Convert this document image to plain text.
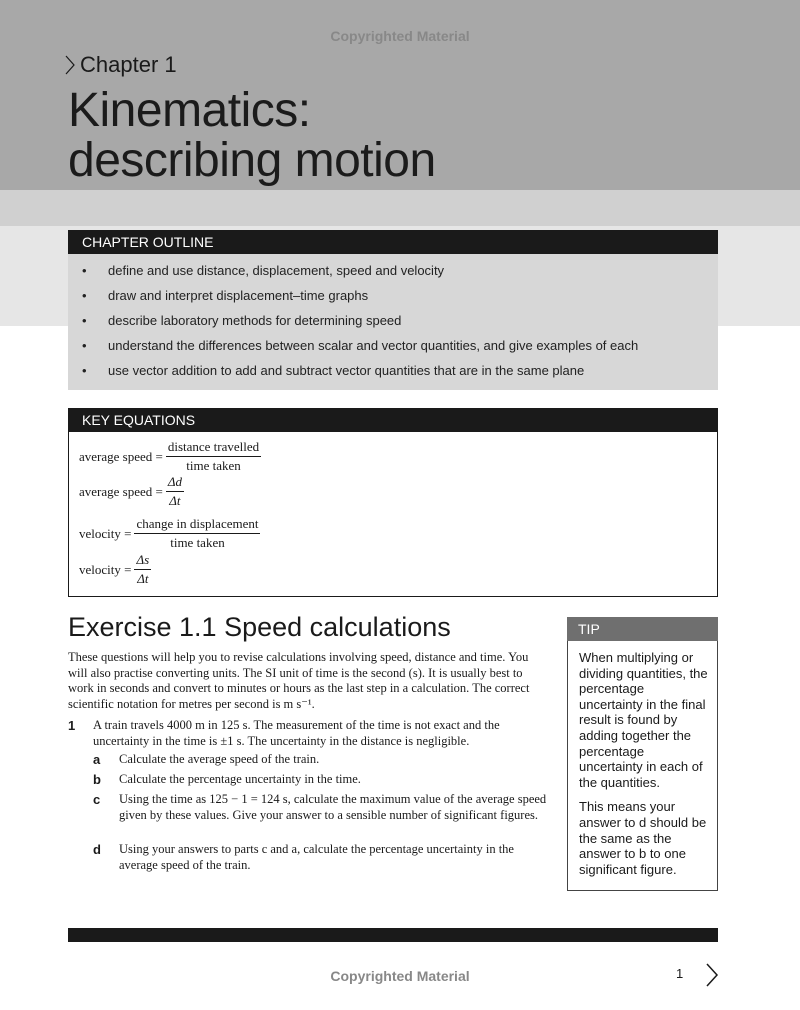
Copyrighted Material
Chapter 1
Kinematics:
describing motion
CHAPTER OUTLINE
• define and use distance, displacement, speed and velocity
• draw and interpret displacement–time graphs
• describe laboratory methods for determining speed
• understand the differences between scalar and vector quantities, and give examples of each
• use vector addition to add and subtract vector quantities that are in the same plane
KEY EQUATIONS
average speed = $\frac{\text{distance travelled}}{\text{time taken}}$
average speed = $\frac{\Delta d}{\Delta t}$
velocity = $\frac{\text{change in displacement}}{\text{time taken}}$
velocity = $\frac{\Delta s}{\Delta t}$
Exercise 1.1 Speed calculations
These questions will help you to revise calculations involving speed, distance and time. You will also practise converting units. The SI unit of time is the second (s). It is usually best to work in seconds and convert to minutes or hours as the last step in a calculation. The correct scientific notation for metres per second is m s⁻¹.
1 A train travels 4000 m in 125 s. The measurement of the time is not exact and the uncertainty in the time is ±1 s. The uncertainty in the distance is negligible.
a Calculate the average speed of the train.
b Calculate the percentage uncertainty in the time.
c Using the time as 125 − 1 = 124 s, calculate the maximum value of the average speed given by these values. Give your answer to a sensible number of significant figures.
d Using your answers to parts c and a, calculate the percentage uncertainty in the average speed of the train.
TIP

When multiplying or dividing quantities, the percentage uncertainty in the final result is found by adding together the percentage uncertainty in each of the quantities.

This means your answer to d should be the same as the answer to b to one significant figure.

Copyrighted Material	1
